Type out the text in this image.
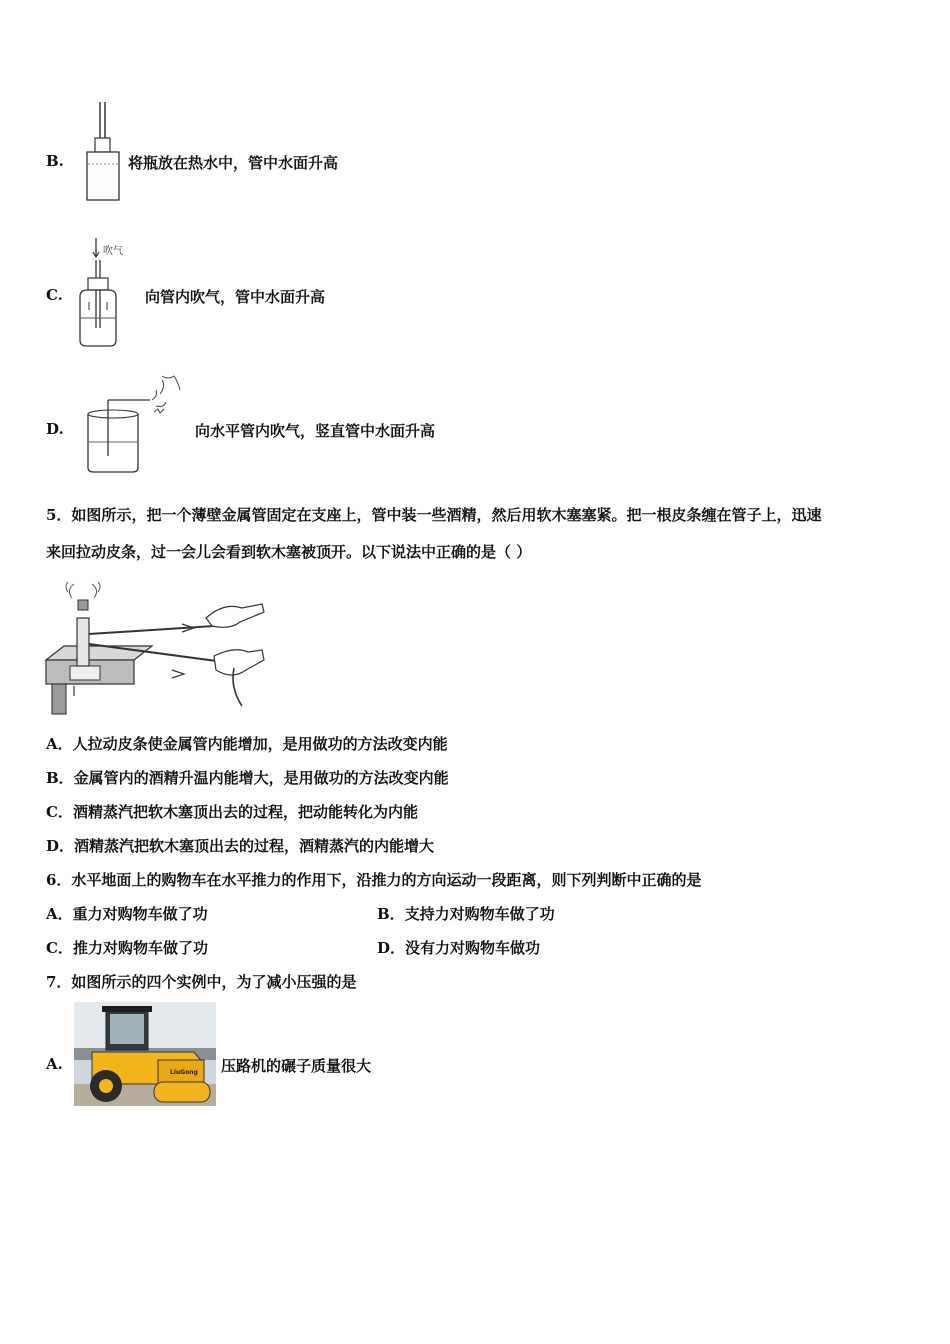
B.	将瓶放在热水中，管中水面升高
C.
吹气
向管内吹气，管中水面升高
D.	向水平管内吹气，竖直管中水面升高
5．如图所示，把一个薄壁金属管固定在支座上，管中装一些酒精，然后用软木塞塞紧。把一根皮条缠在管子上，迅速
来回拉动皮条，过一会儿会看到软木塞被顶开。以下说法中正确的是（ ）
A．人拉动皮条使金属管内能增加，是用做功的方法改变内能
B．金属管内的酒精升温内能增大，是用做功的方法改变内能
C．酒精蒸汽把软木塞顶出去的过程，把动能转化为内能
D．酒精蒸汽把软木塞顶出去的过程，酒精蒸汽的内能增大
6．水平地面上的购物车在水平推力的作用下，沿推力的方向运动一段距离，则下列判断中正确的是
A．重力对购物车做了功	B．支持力对购物车做了功
C．推力对购物车做了功	D．没有力对购物车做功
7．如图所示的四个实例中，为了减小压强的是
A.	LiuGong 压路机的碾子质量很大
